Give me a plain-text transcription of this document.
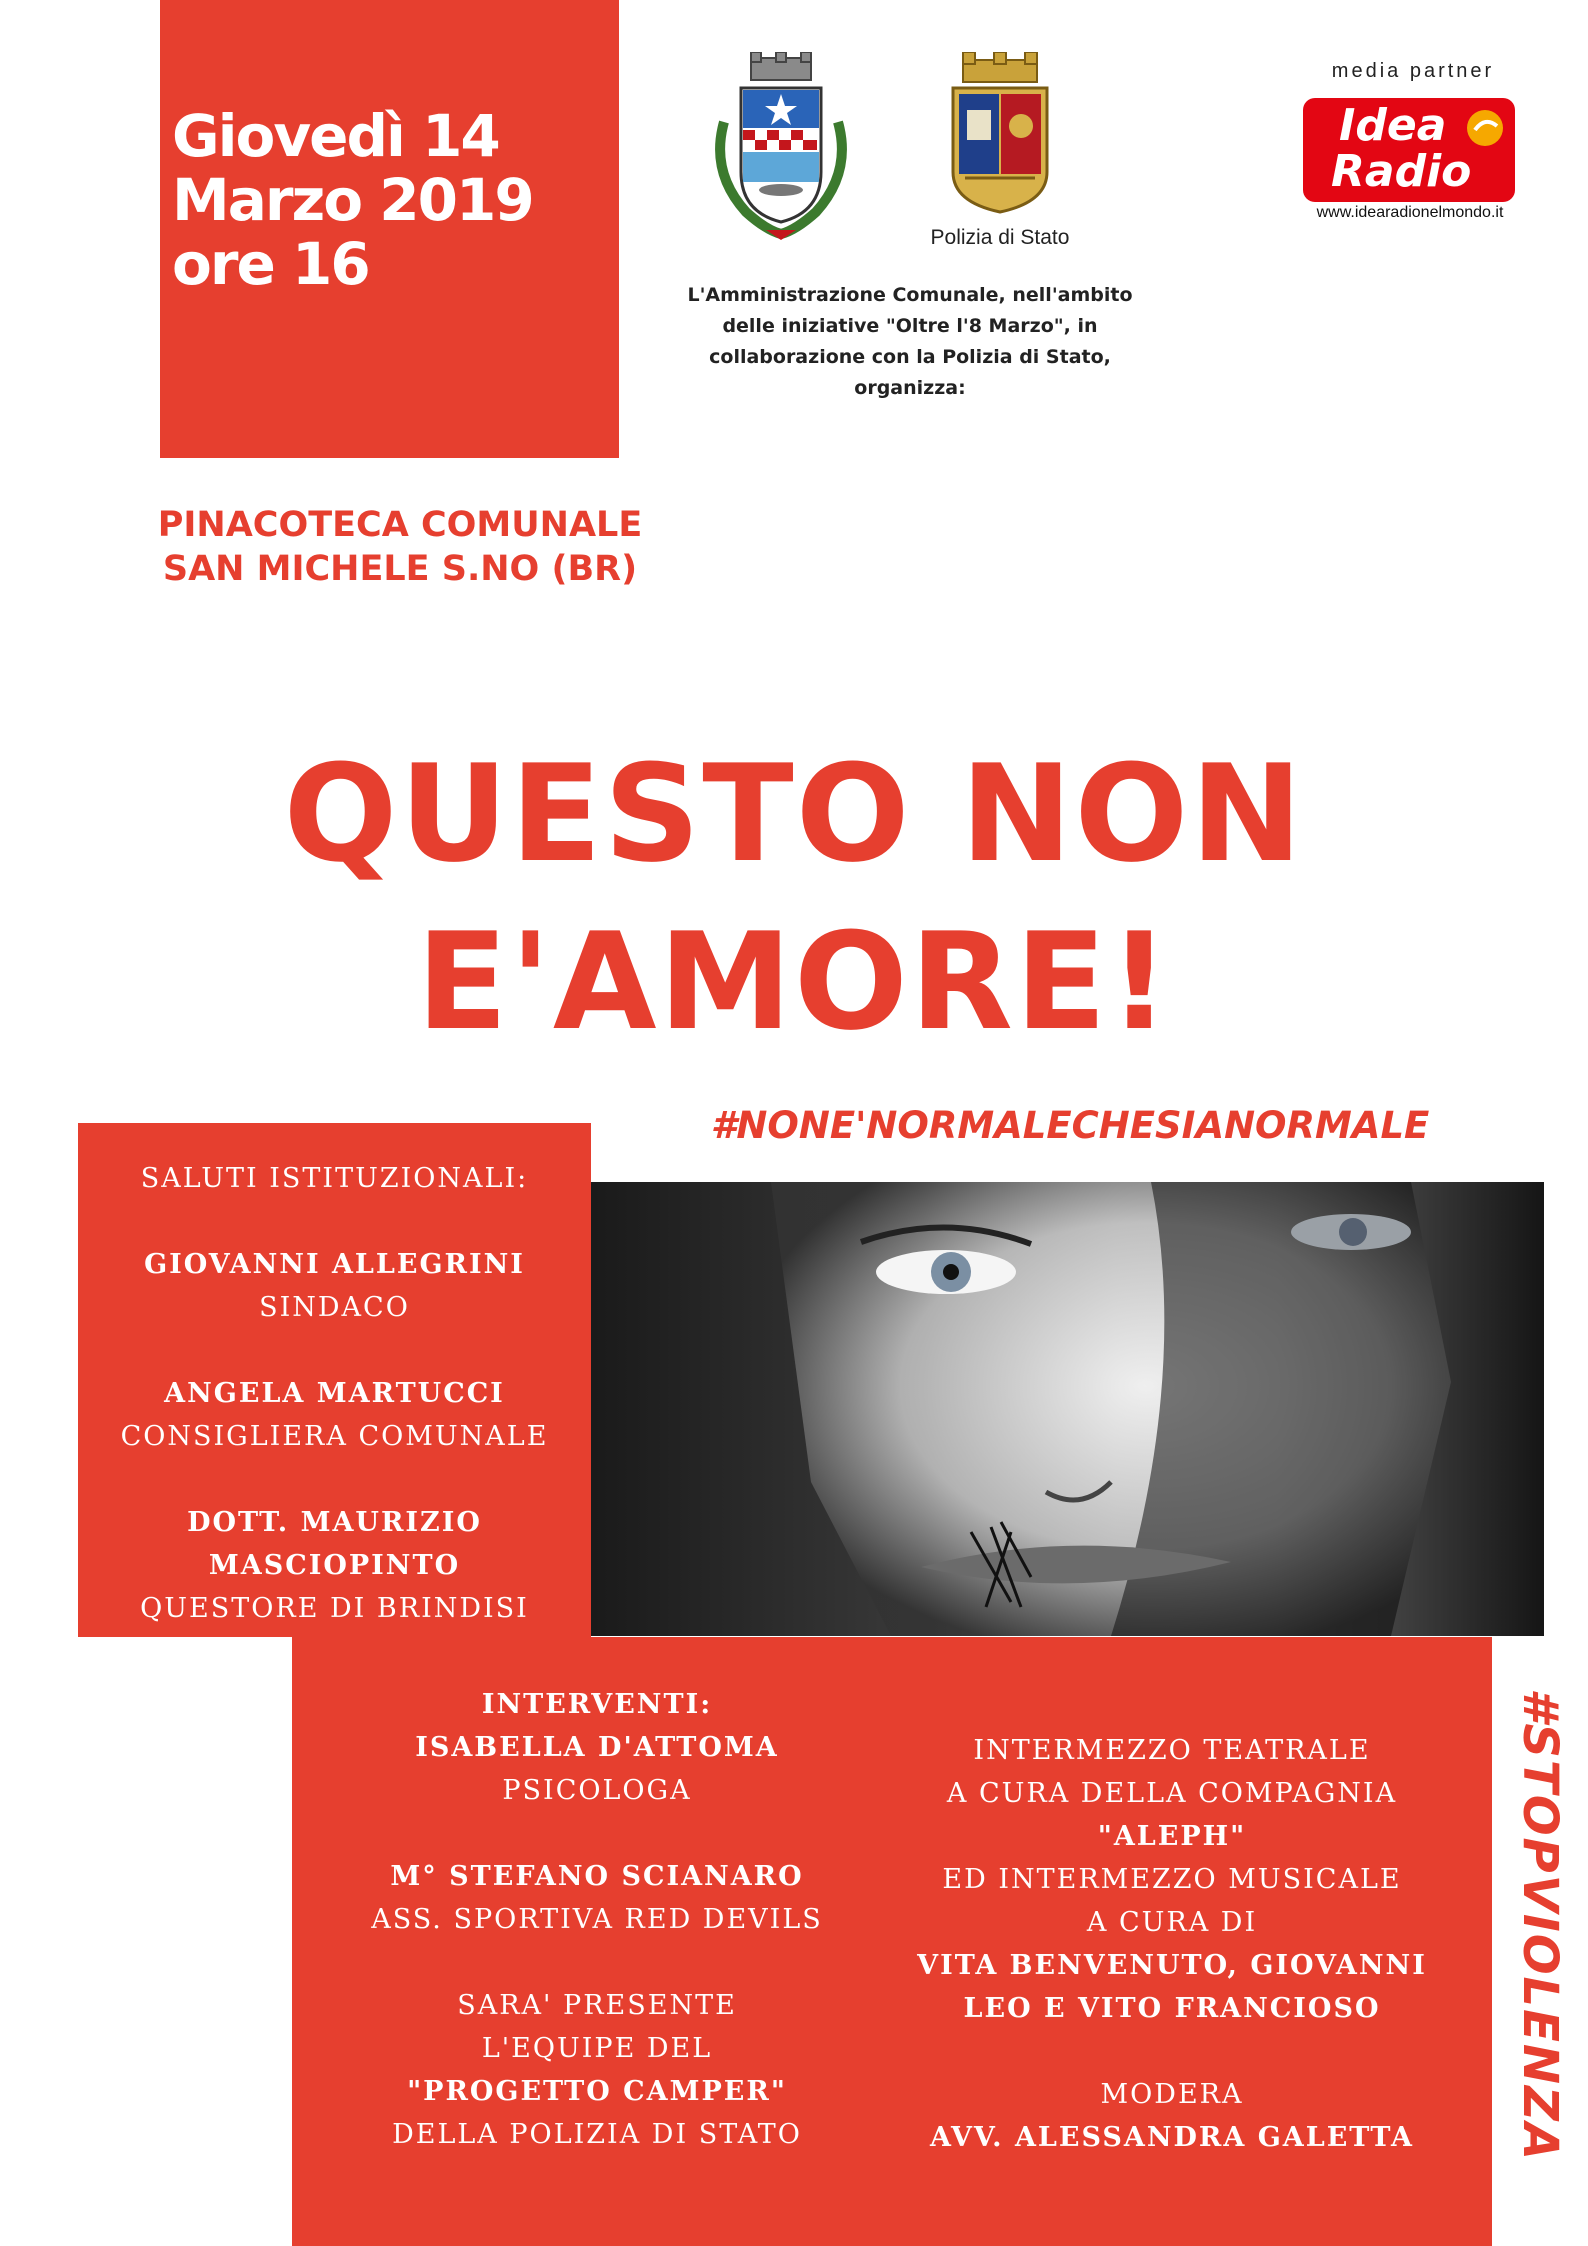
Giovedì 14
Marzo 2019
ore 16	Polizia di Stato
L'Amministrazione Comunale, nell'ambito
delle iniziative "Oltre l'8 Marzo", in
collaborazione con la Polizia di Stato,
organizza:
media partner
Idea
Radio
www.idearadionelmondo.it
PINACOTECA COMUNALE
SAN MICHELE S.NO (BR)
QUESTO NON
E'AMORE!
#NONE'NORMALECHESIANORMALE
SALUTI ISTITUZIONALI:
GIOVANNI ALLEGRINI
SINDACO
ANGELA MARTUCCI
CONSIGLIERA COMUNALE
DOTT. MAURIZIO
MASCIOPINTO
QUESTORE DI BRINDISI
INTERVENTI:
ISABELLA D'ATTOMA
PSICOLOGA
M° STEFANO SCIANARO
ASS. SPORTIVA RED DEVILS
SARA' PRESENTE
L'EQUIPE DEL
"PROGETTO CAMPER"
DELLA POLIZIA DI STATO
INTERMEZZO TEATRALE
A CURA DELLA COMPAGNIA
"ALEPH"
ED INTERMEZZO MUSICALE
A CURA DI
VITA BENVENUTO, GIOVANNI
LEO E VITO FRANCIOSO
MODERA
AVV. ALESSANDRA GALETTA	#STOPVIOLENZA
